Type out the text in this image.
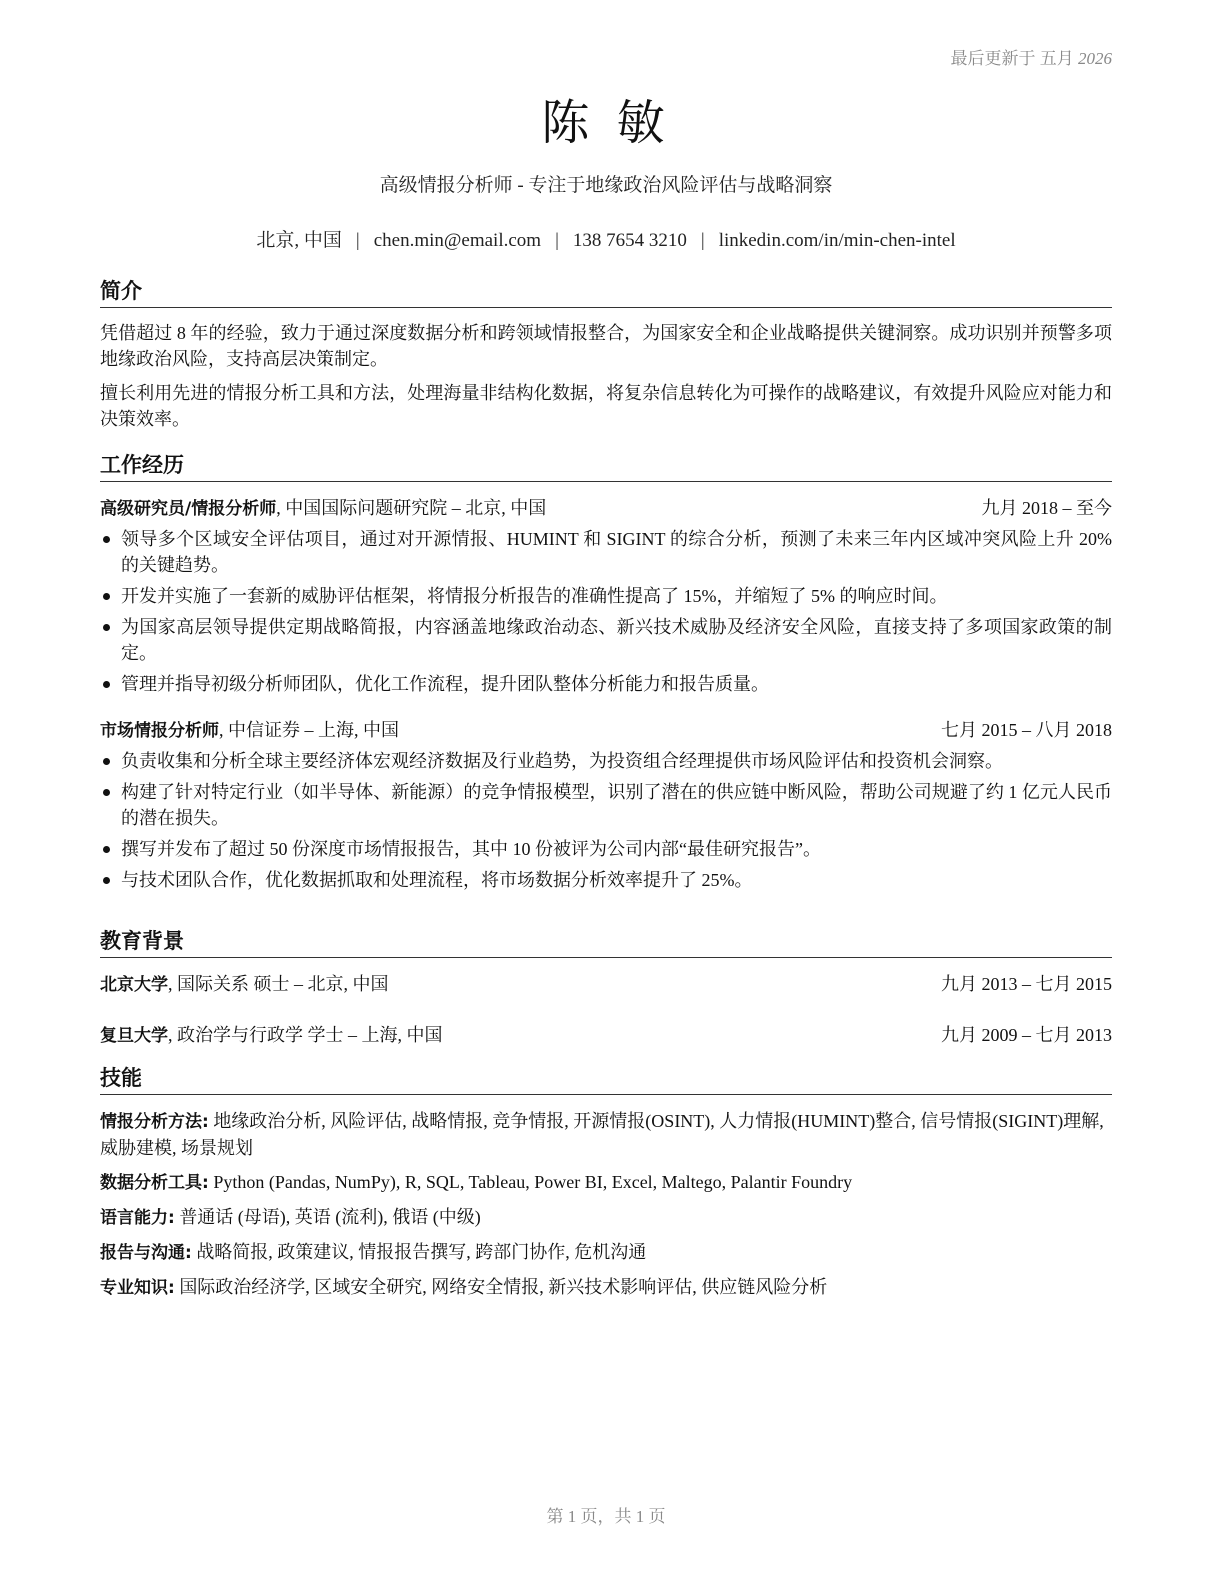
最后更新于 五月 2026
陈 敏
高级情报分析师 - 专注于地缘政治风险评估与战略洞察
北京, 中国 | chen.min@email.com | 138 7654 3210 | linkedin.com/in/min-chen-intel
简介

凭借超过 8 年的经验，致力于通过深度数据分析和跨领域情报整合，为国家安全和企业战略提供关键洞察。成功识别并预警多项地缘政治风险，支持高层决策制定。

擅长利用先进的情报分析工具和方法，处理海量非结构化数据，将复杂信息转化为可操作的战略建议，有效提升风险应对能力和决策效率。

工作经历
高级研究员/情报分析师, 中国国际问题研究院 – 北京, 中国	九月 2018 – 至今
领导多个区域安全评估项目，通过对开源情报、HUMINT 和 SIGINT 的综合分析，预测了未来三年内区域冲突风险上升 20% 的关键趋势。
开发并实施了一套新的威胁评估框架，将情报分析报告的准确性提高了 15%，并缩短了 5% 的响应时间。
为国家高层领导提供定期战略简报，内容涵盖地缘政治动态、新兴技术威胁及经济安全风险，直接支持了多项国家政策的制定。
管理并指导初级分析师团队，优化工作流程，提升团队整体分析能力和报告质量。
市场情报分析师, 中信证券 – 上海, 中国	七月 2015 – 八月 2018
负责收集和分析全球主要经济体宏观经济数据及行业趋势，为投资组合经理提供市场风险评估和投资机会洞察。
构建了针对特定行业（如半导体、新能源）的竞争情报模型，识别了潜在的供应链中断风险，帮助公司规避了约 1 亿元人民币的潜在损失。
撰写并发布了超过 50 份深度市场情报报告，其中 10 份被评为公司内部“最佳研究报告”。
与技术团队合作，优化数据抓取和处理流程，将市场数据分析效率提升了 25%。
教育背景
北京大学, 国际关系 硕士 – 北京, 中国	九月 2013 – 七月 2015
复旦大学, 政治学与行政学 学士 – 上海, 中国	九月 2009 – 七月 2013
技能
情报分析方法: 地缘政治分析, 风险评估, 战略情报, 竞争情报, 开源情报(OSINT), 人力情报(HUMINT)整合, 信号情报(SIGINT)理解, 威胁建模, 场景规划
数据分析工具: Python (Pandas, NumPy), R, SQL, Tableau, Power BI, Excel, Maltego, Palantir Foundry
语言能力: 普通话 (母语), 英语 (流利), 俄语 (中级)
报告与沟通: 战略简报, 政策建议, 情报报告撰写, 跨部门协作, 危机沟通
专业知识: 国际政治经济学, 区域安全研究, 网络安全情报, 新兴技术影响评估, 供应链风险分析
第 1 页，共 1 页
